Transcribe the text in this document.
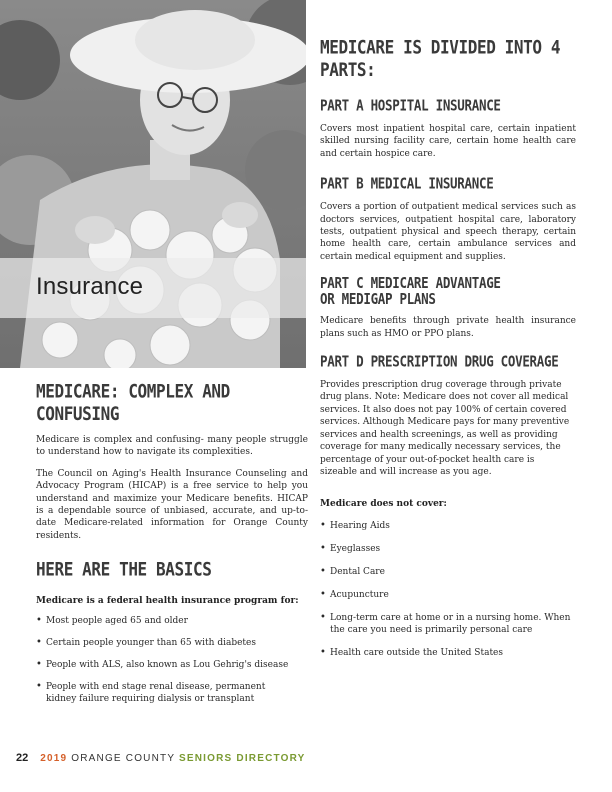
Insurance
MEDICARE: COMPLEX AND CONFUSING

Medicare is complex and confusing- many people struggle to understand how to navigate its complexities.

The Council on Aging's Health Insurance Counseling and Advocacy Program (HICAP) is a free service to help you understand and maximize your Medicare benefits. HICAP is a dependable source of unbiased, accurate, and up-to-date Medicare-related information for Orange County residents.

HERE ARE THE BASICS

Medicare is a federal health insurance program for:

• Most people aged 65 and older
• Certain people younger than 65 with diabetes
• People with ALS, also known as Lou Gehrig's disease
• People with end stage renal disease, permanent kidney failure requiring dialysis or transplant
MEDICARE IS DIVIDED INTO 4 PARTS:
PART A HOSPITAL INSURANCE

Covers most inpatient hospital care, certain inpatient skilled nursing facility care, certain home health care and certain hospice care.

PART B MEDICAL INSURANCE

Covers a portion of outpatient medical services such as doctors services, outpatient hospital care, laboratory tests, outpatient physical and speech therapy, certain home health care, certain ambulance services and certain medical equipment and supplies.

PART C MEDICARE ADVANTAGE OR MEDIGAP PLANS

Medicare benefits through private health insurance plans such as HMO or PPO plans.

PART D PRESCRIPTION DRUG COVERAGE

Provides prescription drug coverage through private drug plans. Note: Medicare does not cover all medical services. It also does not pay 100% of certain covered services. Although Medicare pays for many preventive services and health screenings, as well as providing coverage for many medically necessary services, the percentage of your out-of-pocket health care is sizeable and will increase as you age.

Medicare does not cover:

• Hearing Aids
• Eyeglasses
• Dental Care
• Acupuncture
• Long-term care at home or in a nursing home. When the care you need is primarily personal care
• Health care outside the United States
22 2019 ORANGE COUNTY SENIORS DIRECTORY
